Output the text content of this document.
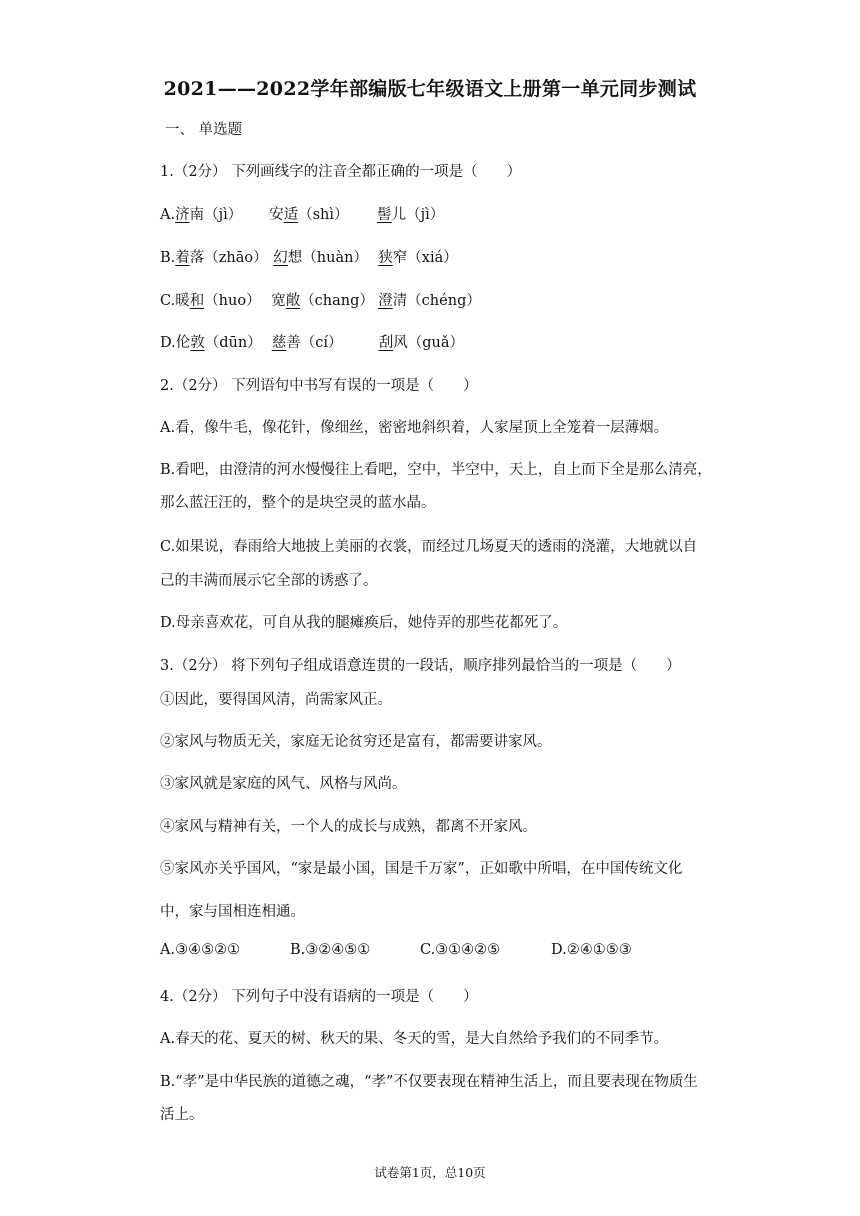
2021——2022学年部编版七年级语文上册第一单元同步测试
一、 单选题
1.（2分） 下列画线字的注音全都正确的一项是（　　）
A.济南（jì） 安适（shì） 髻儿（jì）
B.着落（zhāo） 幻想（huàn） 狭窄（xiá）
C.暖和（huo） 宽敞（chang） 澄清（chéng）
D.伦敦（dūn） 慈善（cí） 刮风（guǎ）
2.（2分） 下列语句中书写有误的一项是（　　）
A.看，像牛毛，像花针，像细丝，密密地斜织着，人家屋顶上全笼着一层薄烟。
B.看吧，由澄清的河水慢慢往上看吧，空中，半空中，天上，自上而下全是那么清亮，
那么蓝汪汪的，整个的是块空灵的蓝水晶。
C.如果说，春雨给大地披上美丽的衣裳，而经过几场夏天的透雨的浇灌，大地就以自
己的丰满而展示它全部的诱惑了。
D.母亲喜欢花，可自从我的腿瘫痪后，她侍弄的那些花都死了。
3.（2分） 将下列句子组成语意连贯的一段话，顺序排列最恰当的一项是（　　）
①因此，要得国风清，尚需家风正。
②家风与物质无关，家庭无论贫穷还是富有，都需要讲家风。
③家风就是家庭的风气、风格与风尚。
④家风与精神有关，一个人的成长与成熟，都离不开家风。
⑤家风亦关乎国风，“家是最小国，国是千万家”，正如歌中所唱，在中国传统文化
中，家与国相连相通。
A.③④⑤②①	B.③②④⑤①	C.③①④②⑤	D.②④①⑤③
4.（2分） 下列句子中没有语病的一项是（　　）
A.春天的花、夏天的树、秋天的果、冬天的雪，是大自然给予我们的不同季节。
B.“孝”是中华民族的道德之魂，“孝”不仅要表现在精神生活上，而且要表现在物质生
活上。
试卷第1页，总10页
